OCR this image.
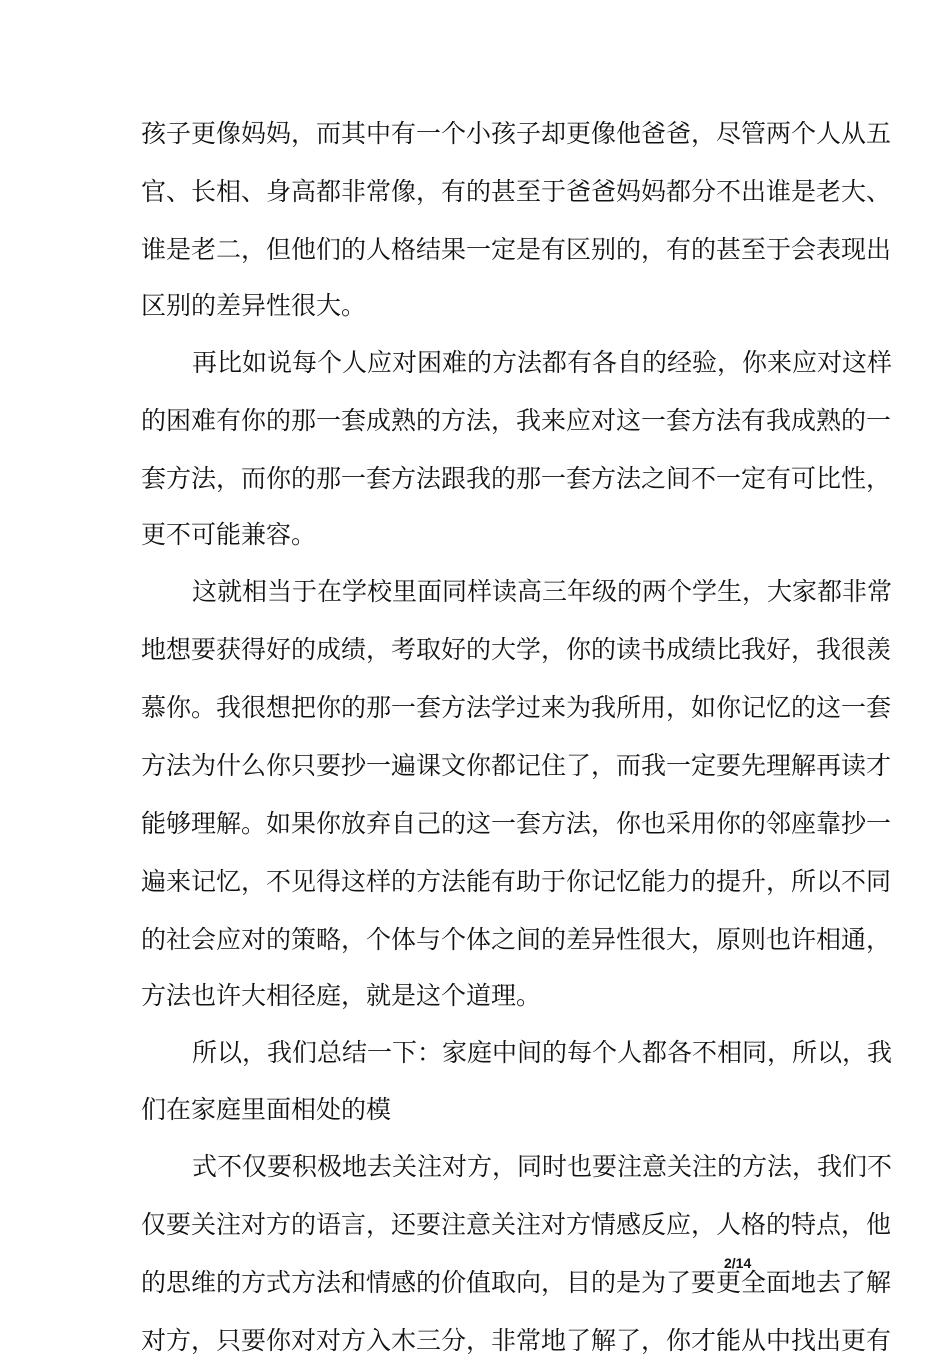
孩子更像妈妈，而其中有一个小孩子却更像他爸爸，尽管两个人从五
官、长相、身高都非常像，有的甚至于爸爸妈妈都分不出谁是老大、
谁是老二，但他们的人格结果一定是有区别的，有的甚至于会表现出
区别的差异性很大。
再比如说每个人应对困难的方法都有各自的经验，你来应对这样
的困难有你的那一套成熟的方法，我来应对这一套方法有我成熟的一
套方法，而你的那一套方法跟我的那一套方法之间不一定有可比性，
更不可能兼容。
这就相当于在学校里面同样读高三年级的两个学生，大家都非常
地想要获得好的成绩，考取好的大学，你的读书成绩比我好，我很羡
慕你。我很想把你的那一套方法学过来为我所用，如你记忆的这一套
方法为什么你只要抄一遍课文你都记住了，而我一定要先理解再读才
能够理解。如果你放弃自己的这一套方法，你也采用你的邻座靠抄一
遍来记忆，不见得这样的方法能有助于你记忆能力的提升，所以不同
的社会应对的策略，个体与个体之间的差异性很大，原则也许相通，
方法也许大相径庭，就是这个道理。
所以，我们总结一下：家庭中间的每个人都各不相同，所以，我
们在家庭里面相处的模
式不仅要积极地去关注对方，同时也要注意关注的方法，我们不
仅要关注对方的语言，还要注意关注对方情感反应，人格的特点，他
的思维的方式方法和情感的价值取向，目的是为了要更全面地去了解
对方，只要你对对方入木三分，非常地了解了，你才能从中找出更有
2/14
